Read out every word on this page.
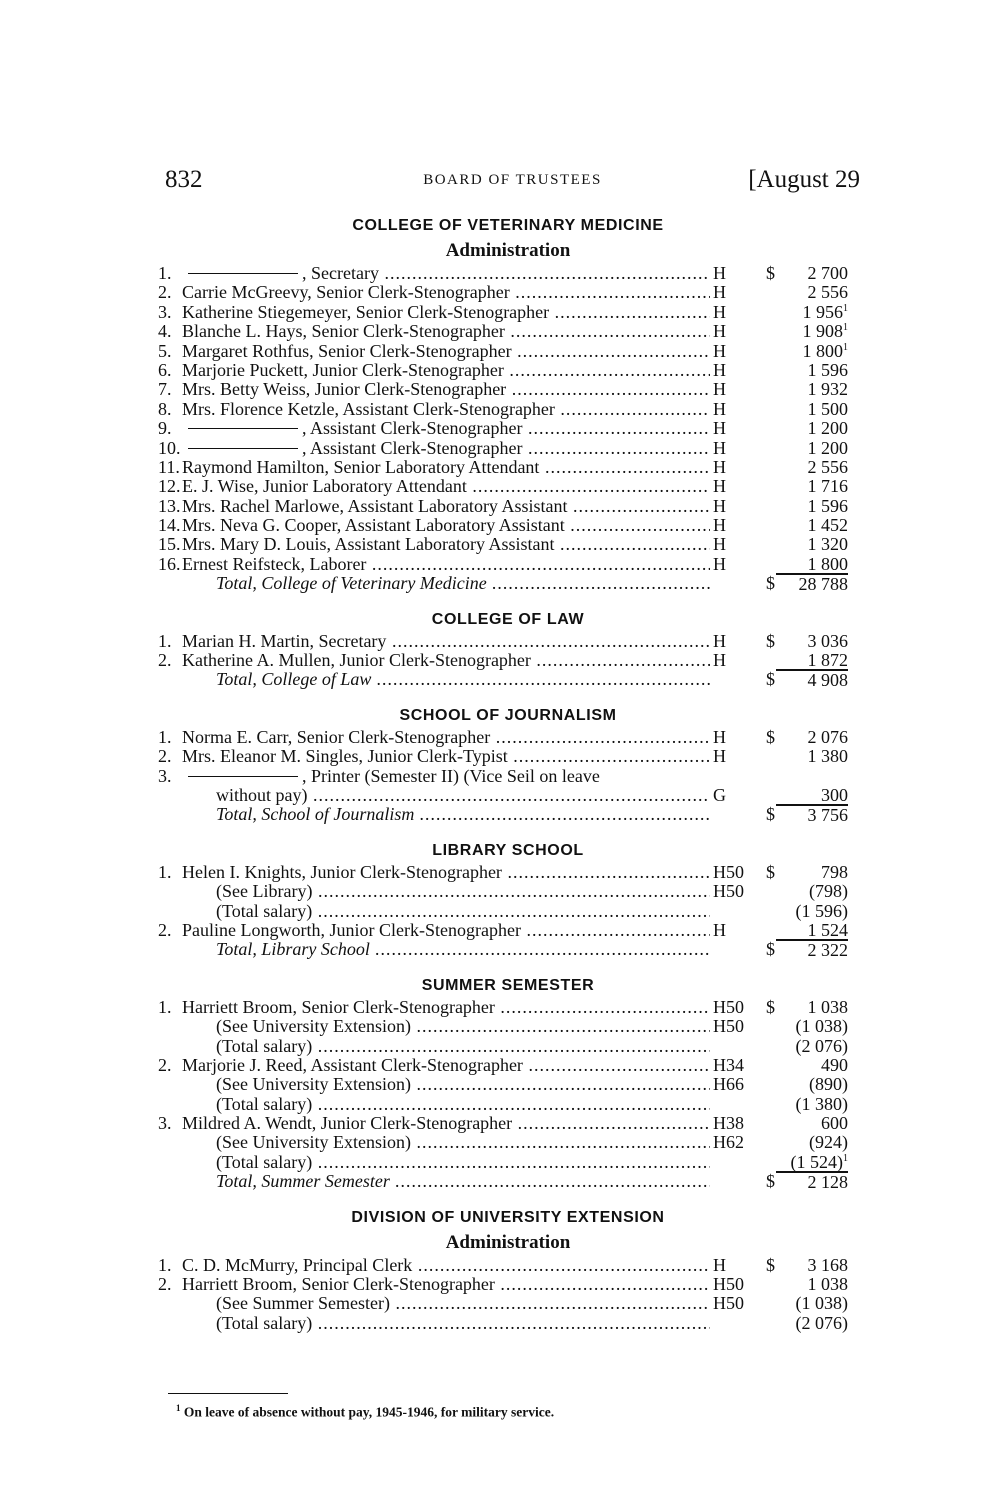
832	BOARD OF TRUSTEES	[August 29
COLLEGE OF VETERINARY MEDICINE
Administration
1.	, Secretary .....	H	$	2 700
2. Carrie McGreevy, Senior Clerk-Stenographer .....	H	2 556
3. Katherine Stiegemeyer, Senior Clerk-Stenographer .....	H	1 $956^1$
4. Blanche L. Hays, Senior Clerk-Stenographer .....	H	1 $908^1$
5. Margaret Rothfus, Senior Clerk-Stenographer .....	H	1 $800^1$
6. Marjorie Puckett, Junior Clerk-Stenographer .....	H	1 596
7. Mrs. Betty Weiss, Junior Clerk-Stenographer .....	H	1 932
8. Mrs. Florence Ketzle, Assistant Clerk-Stenographer .....	H	1 500
9.	, Assistant Clerk-Stenographer .....	H	1 200
10.	, Assistant Clerk-Stenographer .....	H	1 200
11. Raymond Hamilton, Senior Laboratory Attendant .....	H	2 556
12. E. J. Wise, Junior Laboratory Attendant .....	H	1 716
13. Mrs. Rachel Marlowe, Assistant Laboratory Assistant .....	H	1 596
14. Mrs. Neva G. Cooper, Assistant Laboratory Assistant .....	H	1 452
15. Mrs. Mary D. Louis, Assistant Laboratory Assistant .....	H	1 320
16. Ernest Reifsteck, Laborer .....	H	1 800
Total, College of Veterinary Medicine .....	$	28 788
COLLEGE OF LAW
1. Marian H. Martin, Secretary .....	H	$	3 036
2. Katherine A. Mullen, Junior Clerk-Stenographer .....	H	1 872
Total, College of Law .....	$	4 908
SCHOOL OF JOURNALISM
1. Norma E. Carr, Senior Clerk-Stenographer .....	H	$	2 076
2. Mrs. Eleanor M. Singles, Junior Clerk-Typist .....	H	1 380
3.	, Printer (Semester II) (Vice Seil on leave
without pay) .....	G	300
Total, School of Journalism .....	$	3 756
LIBRARY SCHOOL
1. Helen I. Knights, Junior Clerk-Stenographer .....	H50	$	798
(See Library) .....	H50	(798)
(Total salary) .....	(1 596)
2. Pauline Longworth, Junior Clerk-Stenographer .....	H	1 524
Total, Library School .....	$	2 322
SUMMER SEMESTER
1. Harriett Broom, Senior Clerk-Stenographer .....	H50	$	1 038
(See University Extension) .....	H50	(1 038)
(Total salary) .....	(2 076)
2. Marjorie J. Reed, Assistant Clerk-Stenographer .....	H34	490
(See University Extension) .....	H66	(890)
(Total salary) .....	(1 380)
3. Mildred A. Wendt, Junior Clerk-Stenographer .....	H38	600
(See University Extension) .....	H62	(924)
(Total salary) .....	(1 524)$^1$
Total, Summer Semester .....	$	2 128
DIVISION OF UNIVERSITY EXTENSION
Administration
1. C. D. McMurry, Principal Clerk .....	H	$	3 168
2. Harriett Broom, Senior Clerk-Stenographer .....	H50	1 038
(See Summer Semester) .....	H50	(1 038)
(Total salary) .....	(2 076)
$^1$ On leave of absence without pay, 1945-1946, for military service.
